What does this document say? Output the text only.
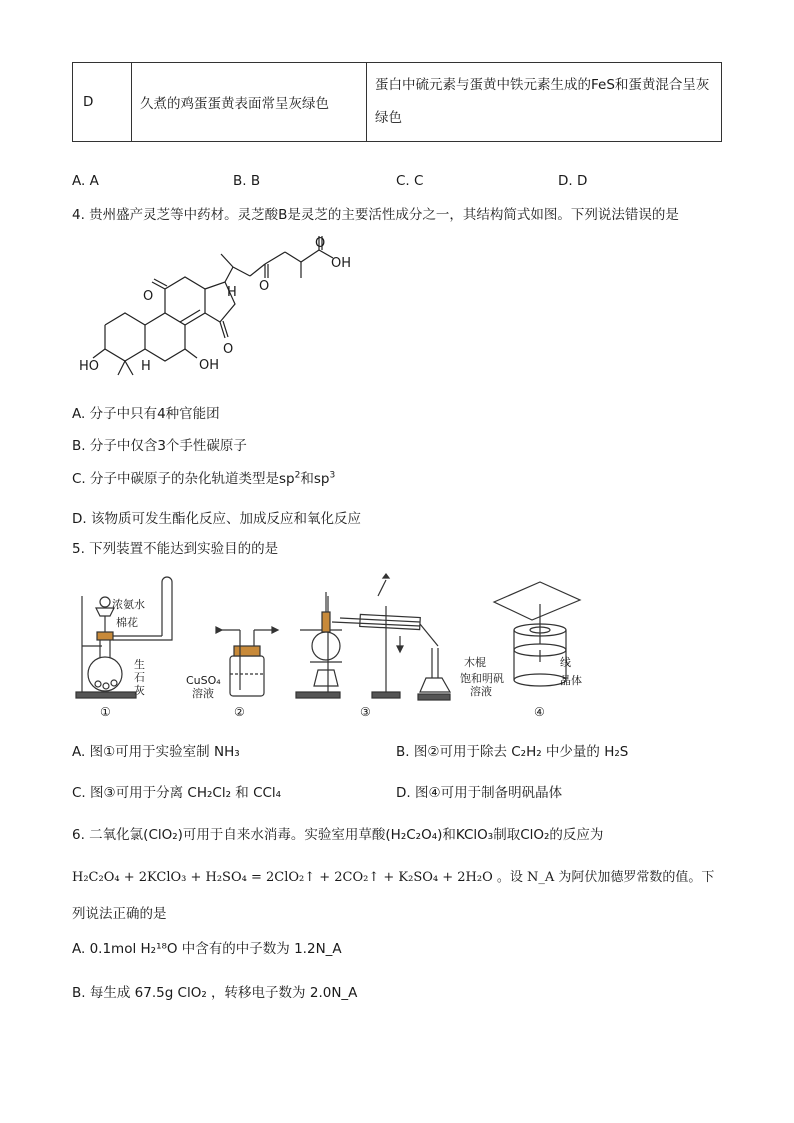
D	久煮的鸡蛋蛋黄表面常呈灰绿色	蛋白中硫元素与蛋黄中铁元素生成的FeS和蛋黄混合呈灰绿色
A. A	B. B	C. C	D. D
4. 贵州盛产灵芝等中药材。灵芝酸B是灵芝的主要活性成分之一，其结构简式如图。下列说法错误的是
O
O
O
O
OH
HO	OH
H
H
A. 分子中只有4种官能团
B. 分子中仅含3个手性碳原子
C. 分子中碳原子的杂化轨道类型是$sp^2$和$sp^3$
D. 该物质可发生酯化反应、加成反应和氧化反应
5. 下列装置不能达到实验目的的是
浓氨水
棉花
生
石
灰
CuSO₄
溶液
木棍	线
饱和明矾
溶液
晶体
①	②	③	④
A. 图①可用于实验室制 NH₃	B. 图②可用于除去 C₂H₂ 中少量的 H₂S
C. 图③可用于分离 CH₂Cl₂ 和 CCl₄	D. 图④可用于制备明矾晶体
6. 二氧化氯(ClO₂)可用于自来水消毒。实验室用草酸(H₂C₂O₄)和KClO₃制取ClO₂的反应为
H₂C₂O₄ + 2KClO₃ + H₂SO₄ = 2ClO₂↑ + 2CO₂↑ + K₂SO₄ + 2H₂O 。设 N_A 为阿伏加德罗常数的值。下
列说法正确的是
A. 0.1mol H₂¹⁸O 中含有的中子数为 1.2N_A
B. 每生成 67.5g ClO₂ ，转移电子数为 2.0N_A
